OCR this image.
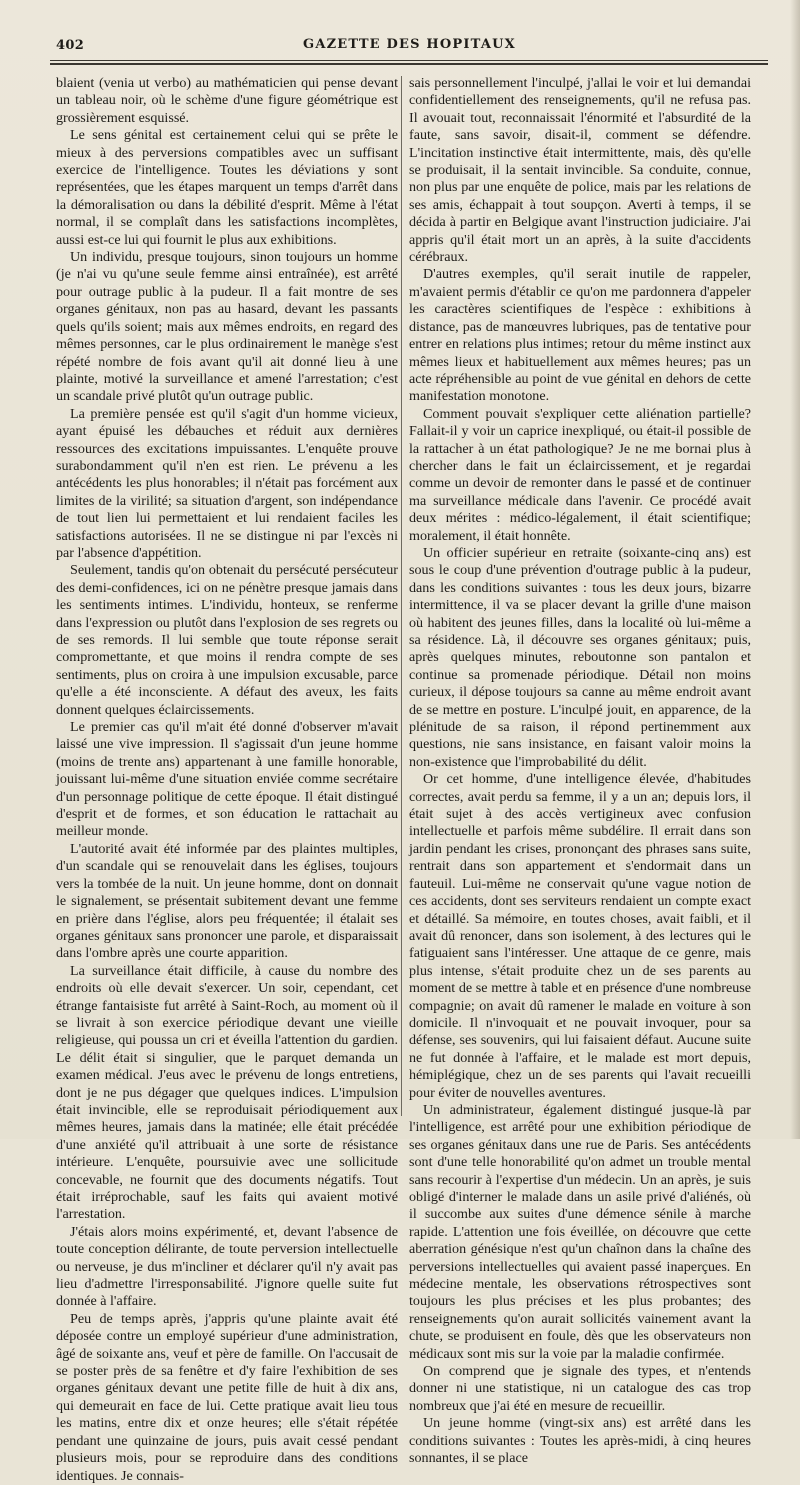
402	GAZETTE DES HOPITAUX

blaient (venia ut verbo) au mathématicien qui pense devant un tableau noir, où le schème d'une figure géométrique est grossièrement esquissé.

Le sens génital est certainement celui qui se prête le mieux à des perversions compatibles avec un suffisant exercice de l'intelligence. Toutes les déviations y sont représentées, que les étapes marquent un temps d'arrêt dans la démoralisation ou dans la débilité d'esprit. Même à l'état normal, il se complaît dans les satisfactions incomplètes, aussi est-ce lui qui fournit le plus aux exhibitions.

Un individu, presque toujours, sinon toujours un homme (je n'ai vu qu'une seule femme ainsi entraînée), est arrêté pour outrage public à la pudeur. Il a fait montre de ses organes génitaux, non pas au hasard, devant les passants quels qu'ils soient; mais aux mêmes endroits, en regard des mêmes personnes, car le plus ordinairement le manège s'est répété nombre de fois avant qu'il ait donné lieu à une plainte, motivé la surveillance et amené l'arrestation; c'est un scandale privé plutôt qu'un outrage public.

La première pensée est qu'il s'agit d'un homme vicieux, ayant épuisé les débauches et réduit aux dernières ressources des excitations impuissantes. L'enquête prouve surabondamment qu'il n'en est rien. Le prévenu a les antécédents les plus honorables; il n'était pas forcément aux limites de la virilité; sa situation d'argent, son indépendance de tout lien lui permettaient et lui rendaient faciles les satisfactions autorisées. Il ne se distingue ni par l'excès ni par l'absence d'appétition.

Seulement, tandis qu'on obtenait du persécuté persécuteur des demi-confidences, ici on ne pénètre presque jamais dans les sentiments intimes. L'individu, honteux, se renferme dans l'expression ou plutôt dans l'explosion de ses regrets ou de ses remords. Il lui semble que toute réponse serait compromettante, et que moins il rendra compte de ses sentiments, plus on croira à une impulsion excusable, parce qu'elle a été inconsciente. A défaut des aveux, les faits donnent quelques éclaircissements.

Le premier cas qu'il m'ait été donné d'observer m'avait laissé une vive impression. Il s'agissait d'un jeune homme (moins de trente ans) appartenant à une famille honorable, jouissant lui-même d'une situation enviée comme secrétaire d'un personnage politique de cette époque. Il était distingué d'esprit et de formes, et son éducation le rattachait au meilleur monde.

L'autorité avait été informée par des plaintes multiples, d'un scandale qui se renouvelait dans les églises, toujours vers la tombée de la nuit. Un jeune homme, dont on donnait le signalement, se présentait subitement devant une femme en prière dans l'église, alors peu fréquentée; il étalait ses organes génitaux sans prononcer une parole, et disparaissait dans l'ombre après une courte apparition.

La surveillance était difficile, à cause du nombre des endroits où elle devait s'exercer. Un soir, cependant, cet étrange fantaisiste fut arrêté à Saint-Roch, au moment où il se livrait à son exercice périodique devant une vieille religieuse, qui poussa un cri et éveilla l'attention du gardien. Le délit était si singulier, que le parquet demanda un examen médical. J'eus avec le prévenu de longs entretiens, dont je ne pus dégager que quelques indices. L'impulsion était invincible, elle se reproduisait périodiquement aux mêmes heures, jamais dans la matinée; elle était précédée d'une anxiété qu'il attribuait à une sorte de résistance intérieure. L'enquête, poursuivie avec une sollicitude concevable, ne fournit que des documents négatifs. Tout était irréprochable, sauf les faits qui avaient motivé l'arrestation.

J'étais alors moins expérimenté, et, devant l'absence de toute conception délirante, de toute perversion intellectuelle ou nerveuse, je dus m'incliner et déclarer qu'il n'y avait pas lieu d'admettre l'irresponsabilité. J'ignore quelle suite fut donnée à l'affaire.

Peu de temps après, j'appris qu'une plainte avait été déposée contre un employé supérieur d'une administration, âgé de soixante ans, veuf et père de famille. On l'accusait de se poster près de sa fenêtre et d'y faire l'exhibition de ses organes génitaux devant une petite fille de huit à dix ans, qui demeurait en face de lui. Cette pratique avait lieu tous les matins, entre dix et onze heures; elle s'était répétée pendant une quinzaine de jours, puis avait cessé pendant plusieurs mois, pour se reproduire dans des conditions identiques. Je connais-

sais personnellement l'inculpé, j'allai le voir et lui demandai confidentiellement des renseignements, qu'il ne refusa pas. Il avouait tout, reconnaissait l'énormité et l'absurdité de la faute, sans savoir, disait-il, comment se défendre. L'incitation instinctive était intermittente, mais, dès qu'elle se produisait, il la sentait invincible. Sa conduite, connue, non plus par une enquête de police, mais par les relations de ses amis, échappait à tout soupçon. Averti à temps, il se décida à partir en Belgique avant l'instruction judiciaire. J'ai appris qu'il était mort un an après, à la suite d'accidents cérébraux.

D'autres exemples, qu'il serait inutile de rappeler, m'avaient permis d'établir ce qu'on me pardonnera d'appeler les caractères scientifiques de l'espèce : exhibitions à distance, pas de manœuvres lubriques, pas de tentative pour entrer en relations plus intimes; retour du même instinct aux mêmes lieux et habituellement aux mêmes heures; pas un acte répréhensible au point de vue génital en dehors de cette manifestation monotone.

Comment pouvait s'expliquer cette aliénation partielle? Fallait-il y voir un caprice inexpliqué, ou était-il possible de la rattacher à un état pathologique? Je ne me bornai plus à chercher dans le fait un éclaircissement, et je regardai comme un devoir de remonter dans le passé et de continuer ma surveillance médicale dans l'avenir. Ce procédé avait deux mérites : médico-légalement, il était scientifique; moralement, il était honnête.

Un officier supérieur en retraite (soixante-cinq ans) est sous le coup d'une prévention d'outrage public à la pudeur, dans les conditions suivantes : tous les deux jours, bizarre intermittence, il va se placer devant la grille d'une maison où habitent des jeunes filles, dans la localité où lui-même a sa résidence. Là, il découvre ses organes génitaux; puis, après quelques minutes, reboutonne son pantalon et continue sa promenade périodique. Détail non moins curieux, il dépose toujours sa canne au même endroit avant de se mettre en posture. L'inculpé jouit, en apparence, de la plénitude de sa raison, il répond pertinemment aux questions, nie sans insistance, en faisant valoir moins la non-existence que l'improbabilité du délit.

Or cet homme, d'une intelligence élevée, d'habitudes correctes, avait perdu sa femme, il y a un an; depuis lors, il était sujet à des accès vertigineux avec confusion intellectuelle et parfois même subdélire. Il errait dans son jardin pendant les crises, prononçant des phrases sans suite, rentrait dans son appartement et s'endormait dans un fauteuil. Lui-même ne conservait qu'une vague notion de ces accidents, dont ses serviteurs rendaient un compte exact et détaillé. Sa mémoire, en toutes choses, avait faibli, et il avait dû renoncer, dans son isolement, à des lectures qui le fatiguaient sans l'intéresser. Une attaque de ce genre, mais plus intense, s'était produite chez un de ses parents au moment de se mettre à table et en présence d'une nombreuse compagnie; on avait dû ramener le malade en voiture à son domicile. Il n'invoquait et ne pouvait invoquer, pour sa défense, ses souvenirs, qui lui faisaient défaut. Aucune suite ne fut donnée à l'affaire, et le malade est mort depuis, hémiplégique, chez un de ses parents qui l'avait recueilli pour éviter de nouvelles aventures.

Un administrateur, également distingué jusque-là par l'intelligence, est arrêté pour une exhibition périodique de ses organes génitaux dans une rue de Paris. Ses antécédents sont d'une telle honorabilité qu'on admet un trouble mental sans recourir à l'expertise d'un médecin. Un an après, je suis obligé d'interner le malade dans un asile privé d'aliénés, où il succombe aux suites d'une démence sénile à marche rapide. L'attention une fois éveillée, on découvre que cette aberration génésique n'est qu'un chaînon dans la chaîne des perversions intellectuelles qui avaient passé inaperçues. En médecine mentale, les observations rétrospectives sont toujours les plus précises et les plus probantes; des renseignements qu'on aurait sollicités vainement avant la chute, se produisent en foule, dès que les observateurs non médicaux sont mis sur la voie par la maladie confirmée.

On comprend que je signale des types, et n'entends donner ni une statistique, ni un catalogue des cas trop nombreux que j'ai été en mesure de recueillir.

Un jeune homme (vingt-six ans) est arrêté dans les conditions suivantes : Toutes les après-midi, à cinq heures sonnantes, il se place
